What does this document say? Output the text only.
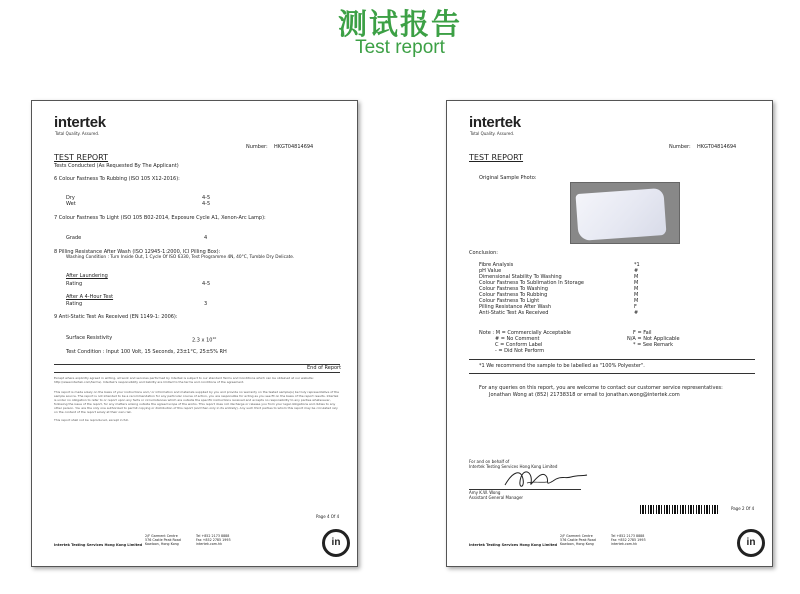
测试报告
Test report
intertek
Total Quality. Assured.
Number: HKGT04814694
TEST REPORT
Tests Conducted (As Requested By The Applicant)
6 Colour Fastness To Rubbing (ISO 105 X12-2016):
Dry	4-5
Wet	4-5
7 Colour Fastness To Light (ISO 105 B02-2014, Exposure Cycle A1, Xenon-Arc Lamp):
Grade	4
8 Pilling Resistance After Wash (ISO 12945-1:2000, ICI Pilling Box):
Washing Condition : Turn Inside Out, 1 Cycle Of ISO 6330, Test Programme 4N, 40°C, Tumble Dry Delicate.
After Laundering
Rating	4-5
After A 4-Hour Test
Rating	3
9 Anti-Static Test As Received (EN 1149-1: 2006):
Surface Resistivity	2.3 x $10^{10}$
Test Condition : Input 100 Volt, 15 Seconds, 23±1°C, 25±5% RH
End of Report
Except where explicitly agreed in writing, all work and services performed by Intertek is subject to our standard Terms and Conditions which can be obtained at our website: http://www.intertek.com/terms/. Intertek's responsibility and liability are limited to the terms and conditions of the agreement.
This report is made solely on the basis of your instructions and / or information and materials supplied by you and provide no warranty on the tested sample(s) be truly representative of the sample source. The report is not intended to be a recommendation for any particular course of action, you are responsible for acting as you see fit on the basis of the report results. Intertek is under no obligation to refer to or report upon any facts or circumstances which are outside the specific instructions received and accepts no responsibility to any parties whatsoever, following the issue of the report, for any matters arising outside the agreed scope of the works. This report does not discharge or release you from your legal obligations and duties to any other person. You are the only one authorized to permit copying or distribution of this report (and then only in its entirety). Any such third parties to whom this report may be circulated rely on the content of the report solely at their own risk.
This report shall not be reproduced, except in full.
Page 4 Of 4
Intertek Testing Services Hong Kong Limited
2/F Garment Centre
576 Castle Peak Road
Kowloon, Hong Kong
Tel +852 2173 8888
Fax +852 2785 1993
intertek.com.hk	in
intertek
Total Quality. Assured.
Number: HKGT04814694
TEST REPORT
Original Sample Photo:
Conclusion:
Fibre Analysis	*1
pH Value	#
Dimensional Stability To Washing	M
Colour Fastness To Sublimation In Storage	M
Colour Fastness To Washing	M
Colour Fastness To Rubbing	M
Colour Fastness To Light	M
Pilling Resistance After Wash	F
Anti-Static Test As Received	#
Note : M = Commercially Acceptable	F = Fail
# = No Comment	N/A = Not Applicable
C = Conform Label	* = See Remark
- = Did Not Perform
*1 We recommend the sample to be labelled as "100% Polyester".
For any queries on this report, you are welcome to contact our customer service representatives:
Jonathan Wong at (852) 21738318 or email to jonathan.wong@intertek.com
For and on behalf of
Intertek Testing Services Hong Kong Limited
Amy K.W. Wong
Assistant General Manager
Page 2 Of 4
Intertek Testing Services Hong Kong Limited
2/F Garment Centre
576 Castle Peak Road
Kowloon, Hong Kong
Tel +852 2173 8888
Fax +852 2785 1993
intertek.com.hk	in
